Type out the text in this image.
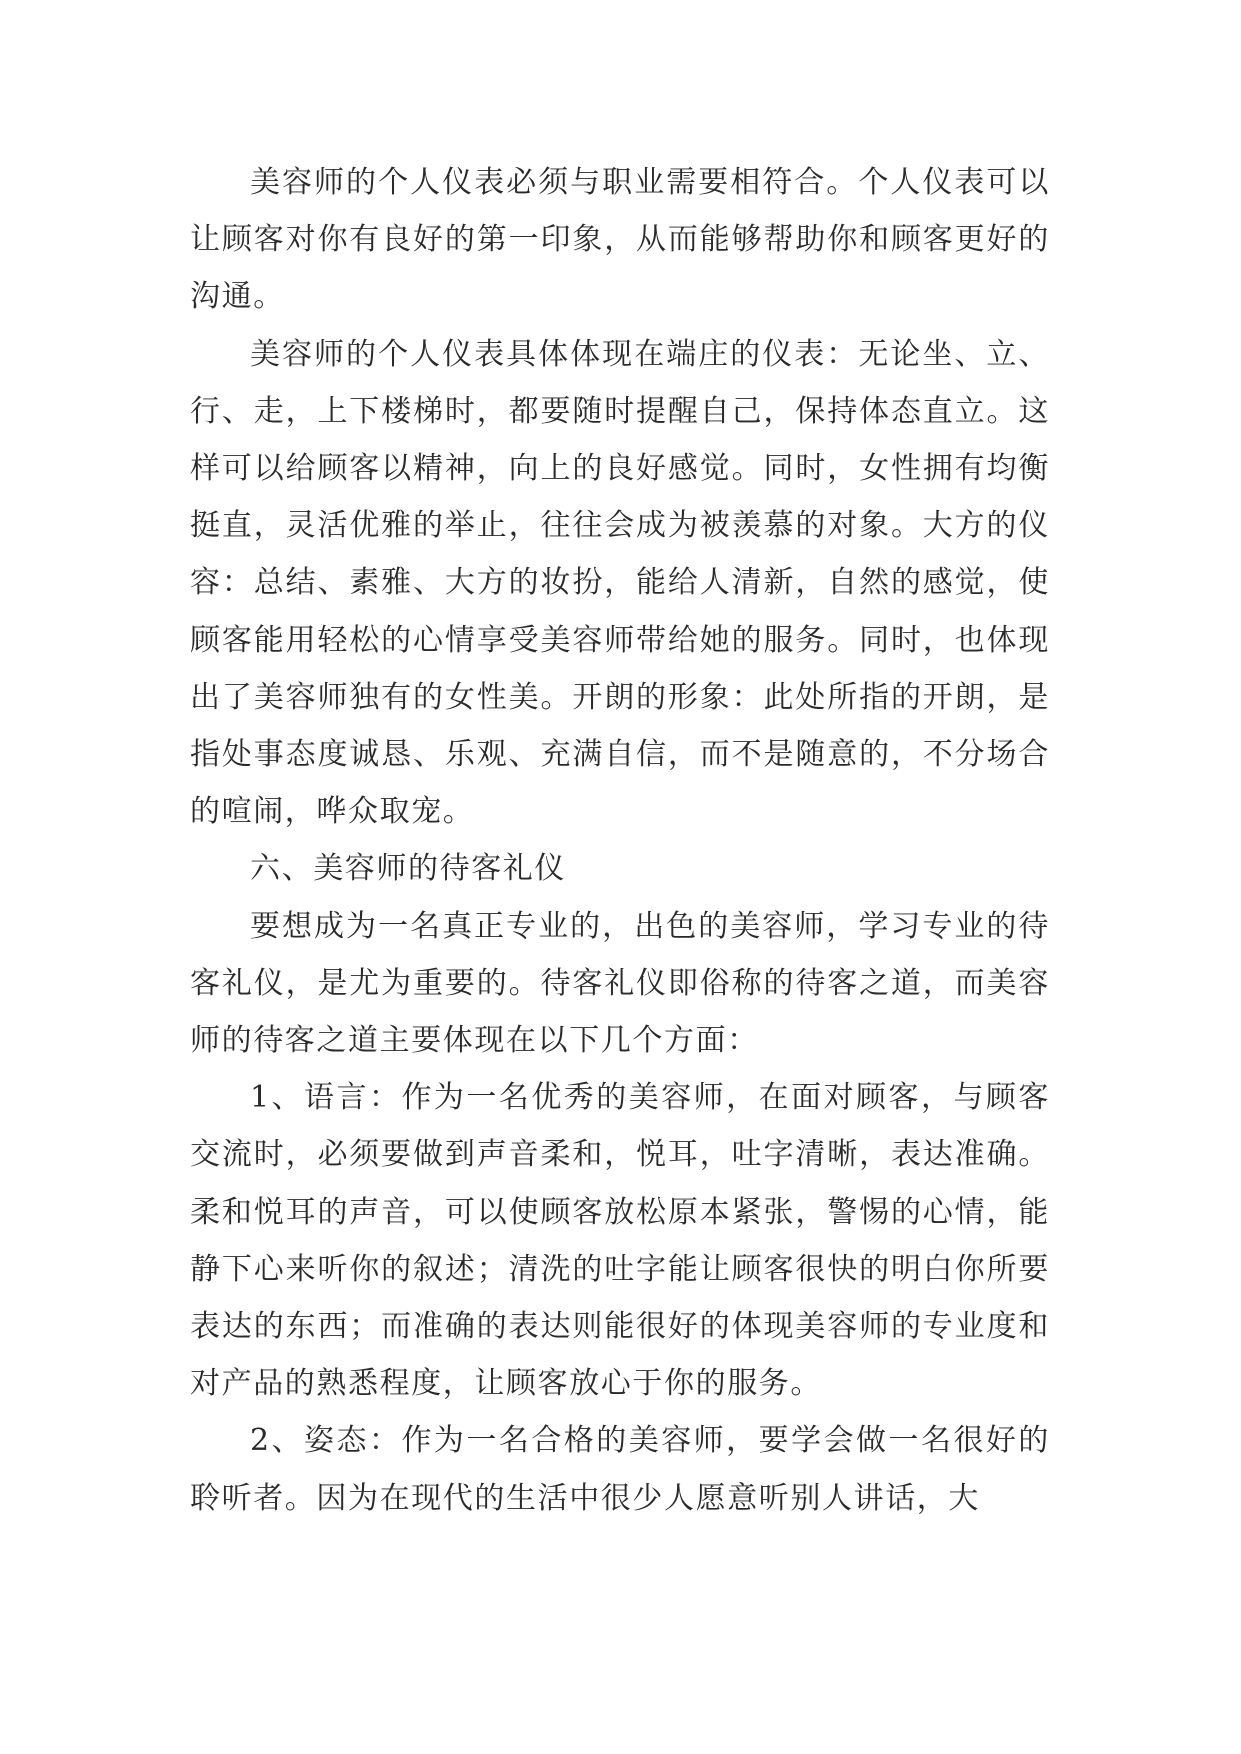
美容师的个人仪表必须与职业需要相符合。个人仪表可以让顾客对你有良好的第一印象，从而能够帮助你和顾客更好的沟通。

美容师的个人仪表具体体现在端庄的仪表：无论坐、立、行、走，上下楼梯时，都要随时提醒自己，保持体态直立。这样可以给顾客以精神，向上的良好感觉。同时，女性拥有均衡挺直，灵活优雅的举止，往往会成为被羡慕的对象。大方的仪容：总结、素雅、大方的妆扮，能给人清新，自然的感觉，使顾客能用轻松的心情享受美容师带给她的服务。同时，也体现出了美容师独有的女性美。开朗的形象：此处所指的开朗，是指处事态度诚恳、乐观、充满自信，而不是随意的，不分场合的喧闹，哗众取宠。

六、美容师的待客礼仪

要想成为一名真正专业的，出色的美容师，学习专业的待客礼仪，是尤为重要的。待客礼仪即俗称的待客之道，而美容师的待客之道主要体现在以下几个方面：

1、语言：作为一名优秀的美容师，在面对顾客，与顾客交流时，必须要做到声音柔和，悦耳，吐字清晰，表达准确。柔和悦耳的声音，可以使顾客放松原本紧张，警惕的心情，能静下心来听你的叙述；清洗的吐字能让顾客很快的明白你所要表达的东西；而准确的表达则能很好的体现美容师的专业度和对产品的熟悉程度，让顾客放心于你的服务。

2、姿态：作为一名合格的美容师，要学会做一名很好的聆听者。因为在现代的生活中很少人愿意听别人讲话，大
